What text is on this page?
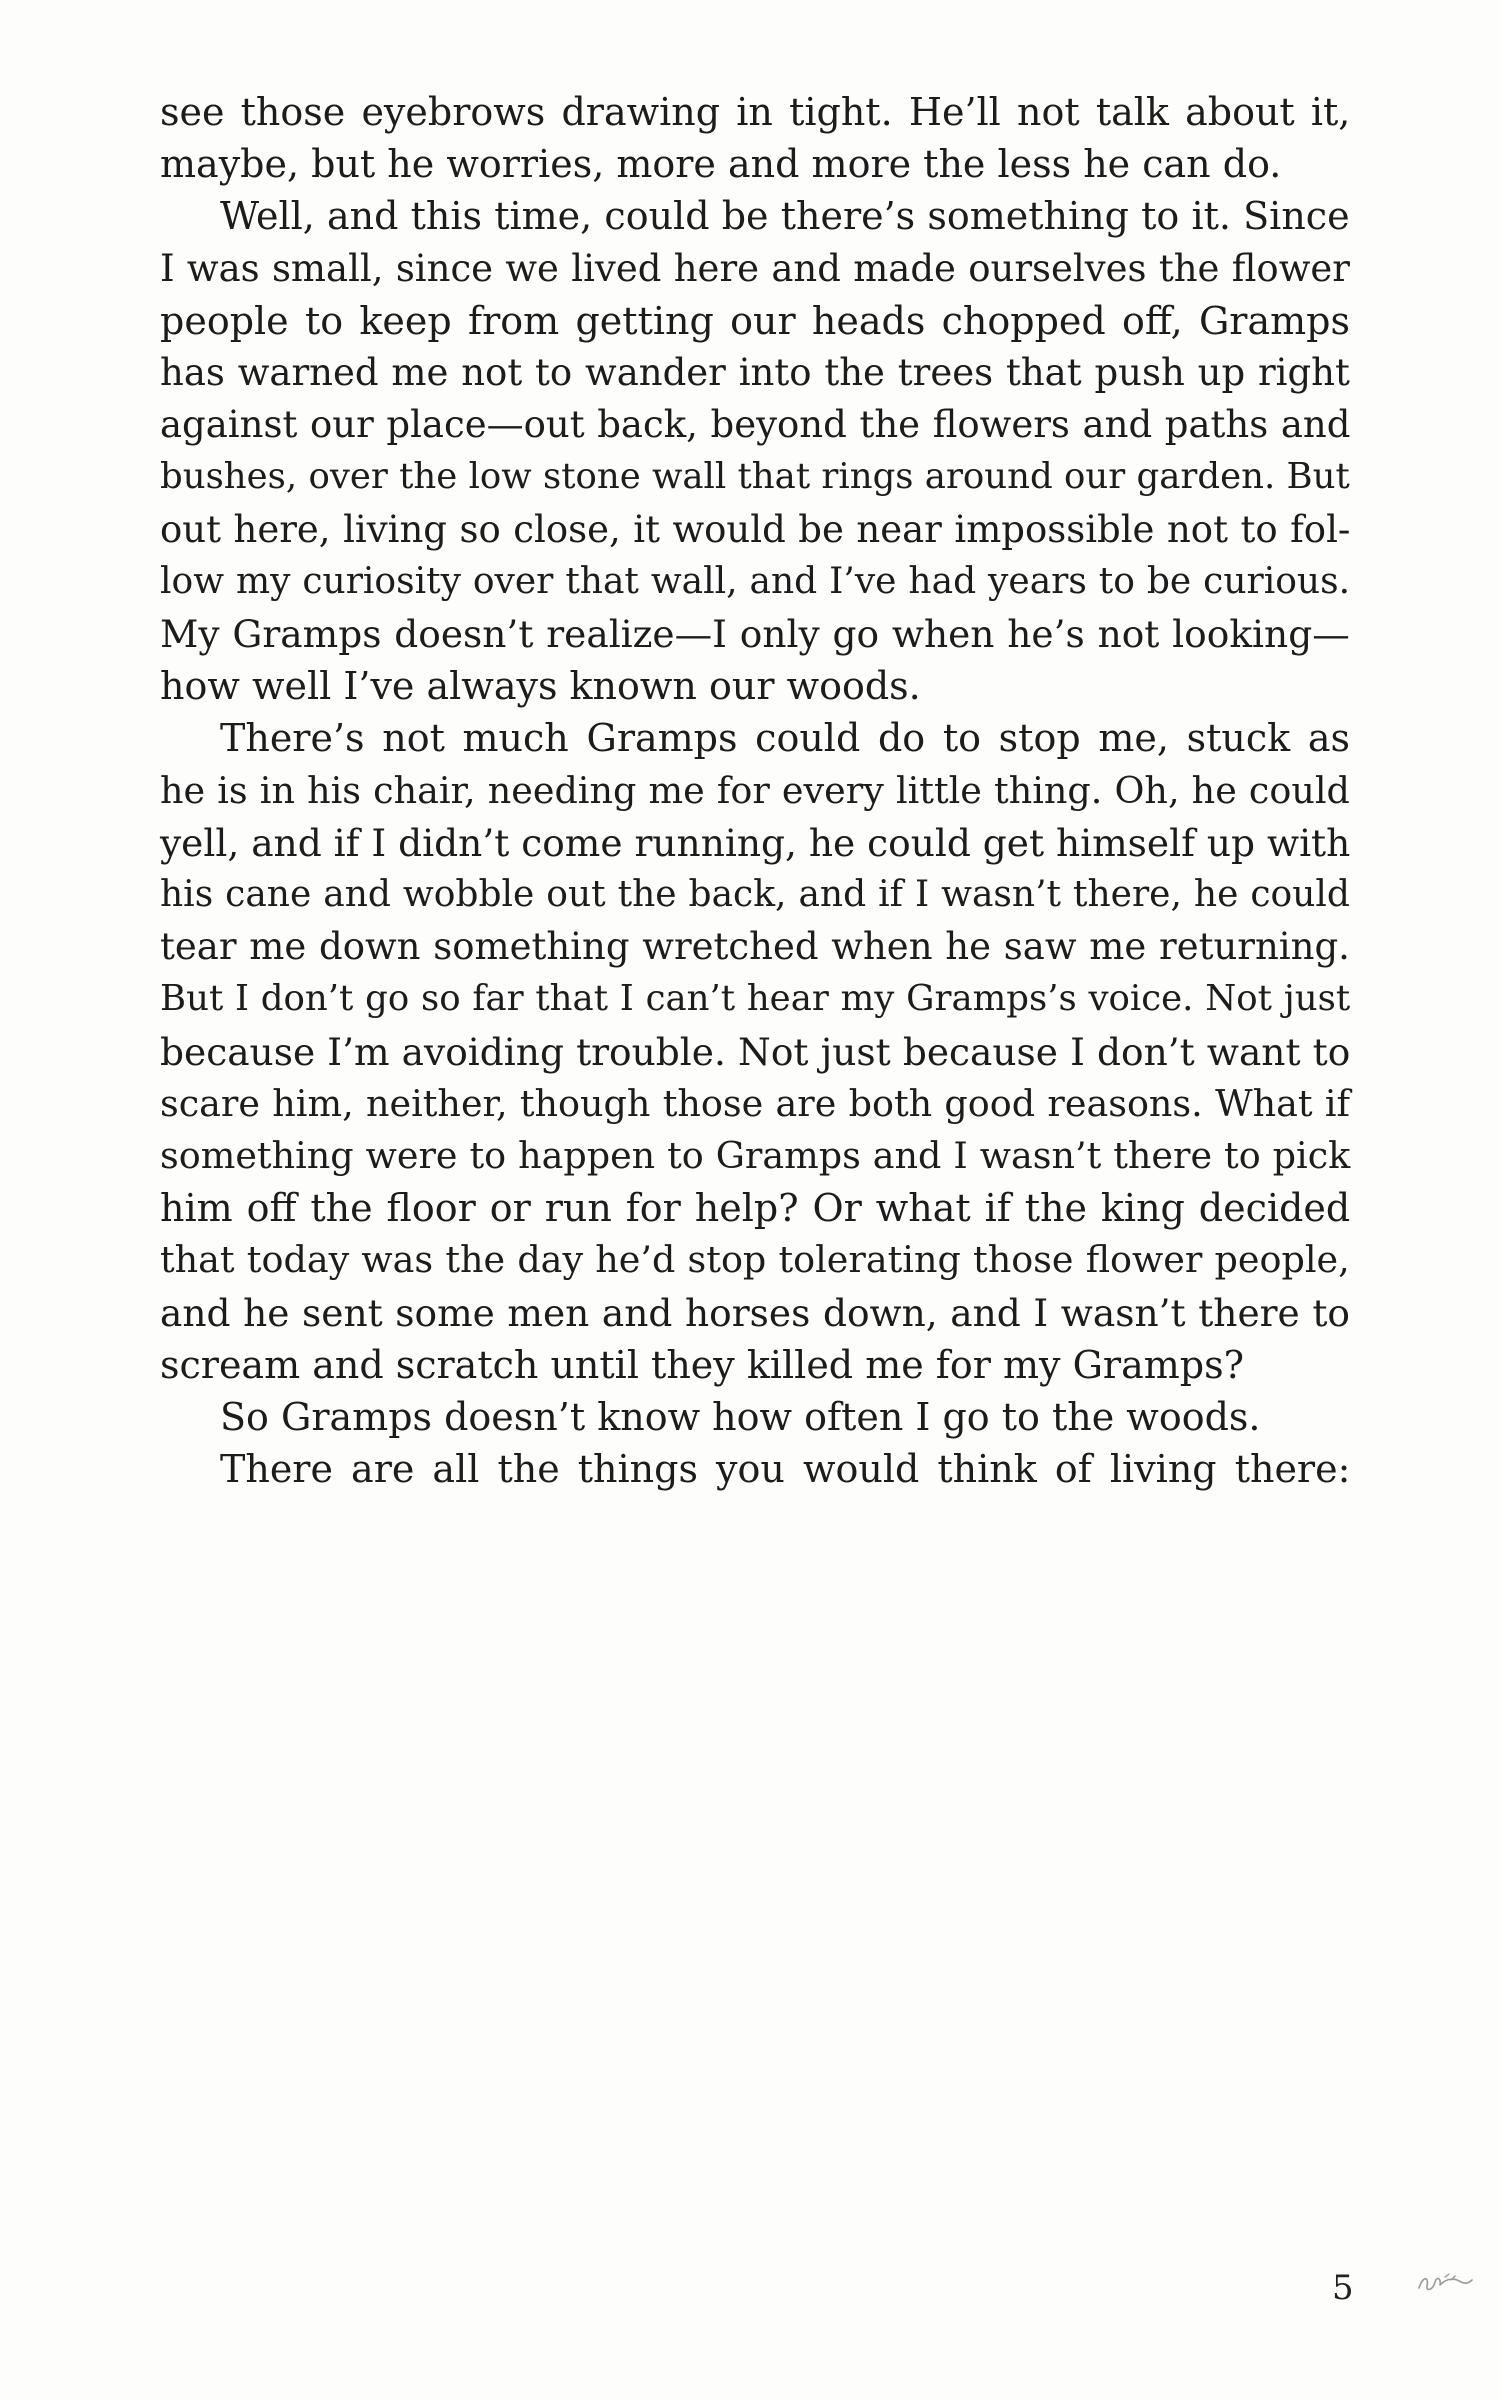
see those eyebrows drawing in tight. He’ll not talk about it,
maybe, but he worries, more and more the less he can do.
Well, and this time, could be there’s something to it. Since
I was small, since we lived here and made ourselves the flower
people to keep from getting our heads chopped off, Gramps
has warned me not to wander into the trees that push up right
against our place—out back, beyond the flowers and paths and
bushes, over the low stone wall that rings around our garden. But
out here, living so close, it would be near impossible not to fol-
low my curiosity over that wall, and I’ve had years to be curious.
My Gramps doesn’t realize—I only go when he’s not looking—
how well I’ve always known our woods.
There’s not much Gramps could do to stop me, stuck as
he is in his chair, needing me for every little thing. Oh, he could
yell, and if I didn’t come running, he could get himself up with
his cane and wobble out the back, and if I wasn’t there, he could
tear me down something wretched when he saw me returning.
But I don’t go so far that I can’t hear my Gramps’s voice. Not just
because I’m avoiding trouble. Not just because I don’t want to
scare him, neither, though those are both good reasons. What if
something were to happen to Gramps and I wasn’t there to pick
him off the floor or run for help? Or what if the king decided
that today was the day he’d stop tolerating those flower people,
and he sent some men and horses down, and I wasn’t there to
scream and scratch until they killed me for my Gramps?
So Gramps doesn’t know how often I go to the woods.
There are all the things you would think of living there:
5
